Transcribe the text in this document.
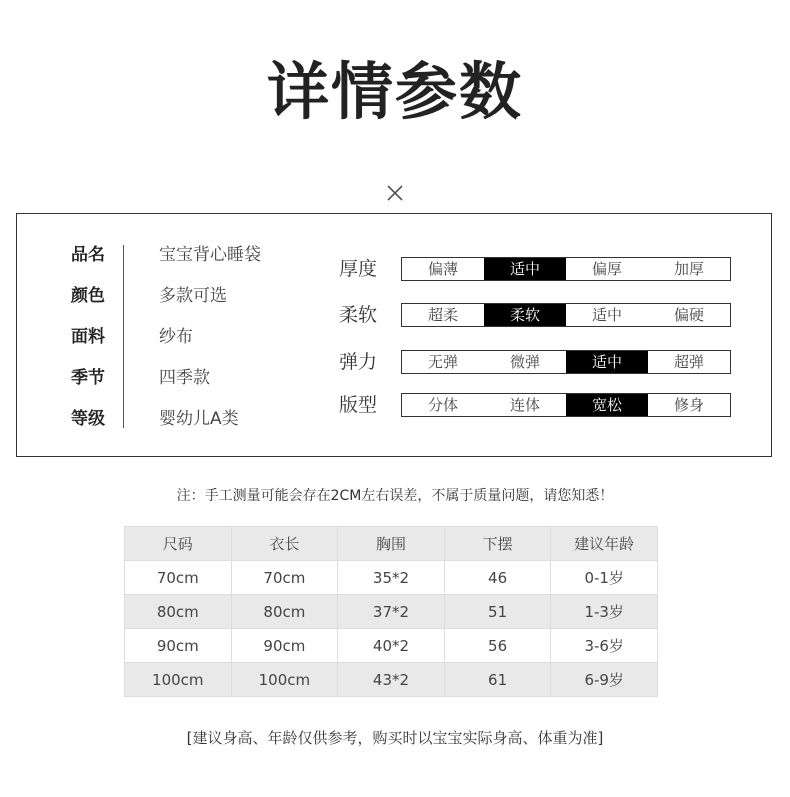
详情参数
品名	宝宝背心睡袋
颜色	多款可选
面料	纱布
季节	四季款
等级	婴幼儿A类
厚度	偏薄	适中	偏厚	加厚
柔软	超柔	柔软	适中	偏硬
弹力	无弹	微弹	适中	超弹
版型	分体	连体	宽松	修身
注：手工测量可能会存在2CM左右误差，不属于质量问题，请您知悉！
尺码	衣长	胸围	下摆	建议年龄
70cm	70cm	35*2	46	0-1岁
80cm	80cm	37*2	51	1-3岁
90cm	90cm	40*2	56	3-6岁
100cm	100cm	43*2	61	6-9岁
[建议身高、年龄仅供参考，购买时以宝宝实际身高、体重为准]
